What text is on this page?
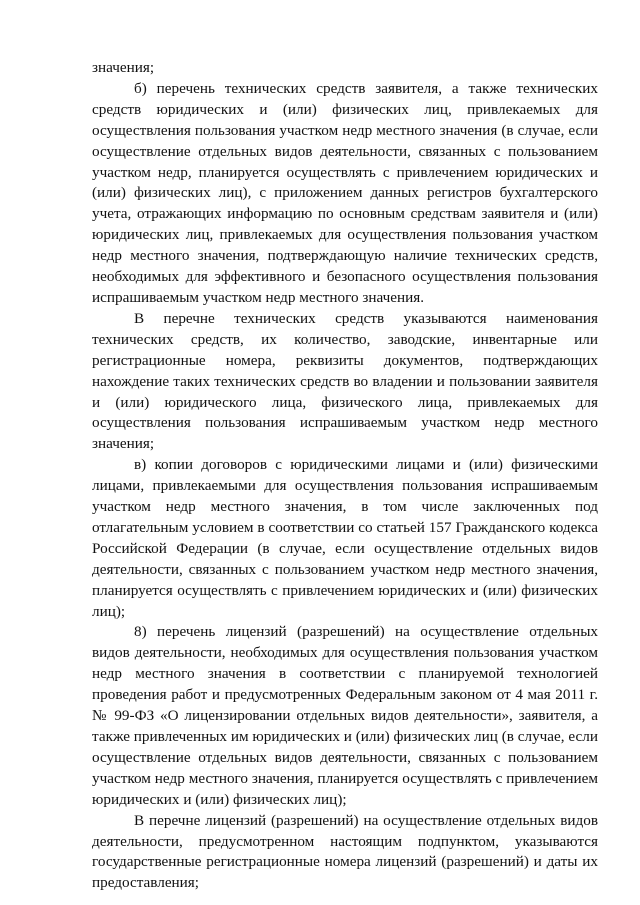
значения;

б) перечень технических средств заявителя, а также технических средств юридических и (или) физических лиц, привлекаемых для осуществления пользования участком недр местного значения (в случае, если осуществление отдельных видов деятельности, связанных с пользованием участком недр, планируется осуществлять с привлечением юридических и (или) физических лиц), с приложением данных регистров бухгалтерского учета, отражающих информацию по основным средствам заявителя и (или) юридических лиц, привлекаемых для осуществления пользования участком недр местного значения, подтверждающую наличие технических средств, необходимых для эффективного и безопасного осуществления пользования испрашиваемым участком недр местного значения.

В перечне технических средств указываются наименования технических средств, их количество, заводские, инвентарные или регистрационные номера, реквизиты документов, подтверждающих нахождение таких технических средств во владении и пользовании заявителя и (или) юридического лица, физического лица, привлекаемых для осуществления пользования испрашиваемым участком недр местного значения;

в) копии договоров с юридическими лицами и (или) физическими лицами, привлекаемыми для осуществления пользования испрашиваемым участком недр местного значения, в том числе заключенных под отлагательным условием в соответствии со статьей 157 Гражданского кодекса Российской Федерации (в случае, если осуществление отдельных видов деятельности, связанных с пользованием участком недр местного значения, планируется осуществлять с привлечением юридических и (или) физических лиц);

8) перечень лицензий (разрешений) на осуществление отдельных видов деятельности, необходимых для осуществления пользования участком недр местного значения в соответствии с планируемой технологией проведения работ и предусмотренных Федеральным законом от 4 мая 2011 г. № 99-ФЗ «О лицензировании отдельных видов деятельности», заявителя, а также привлеченных им юридических и (или) физических лиц (в случае, если осуществление отдельных видов деятельности, связанных с пользованием участком недр местного значения, планируется осуществлять с привлечением юридических и (или) физических лиц);

В перечне лицензий (разрешений) на осуществление отдельных видов деятельности, предусмотренном настоящим подпунктом, указываются государственные регистрационные номера лицензий (разрешений) и даты их предоставления;
